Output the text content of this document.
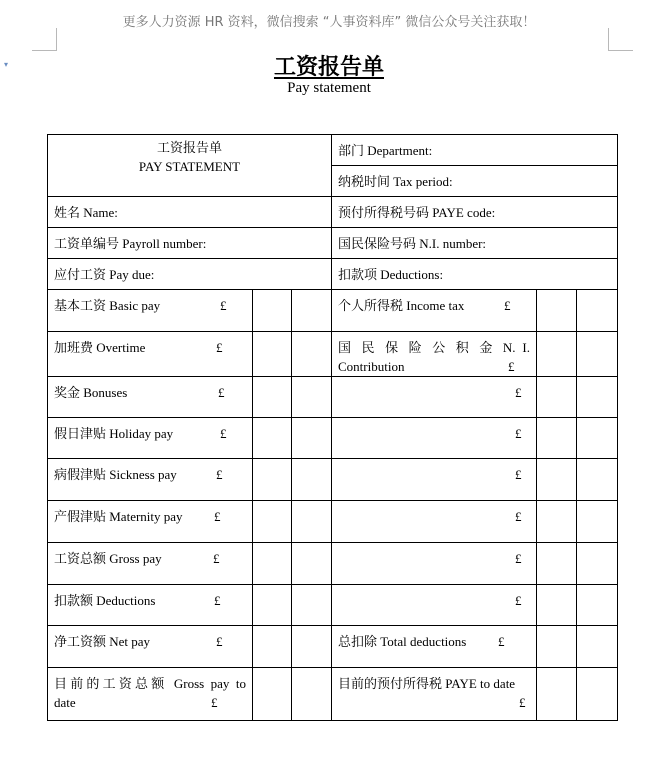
更多人力资源 HR 资料，微信搜索 “人事资料库” 微信公众号关注获取！
▾	工资报告单
Pay statement
工资报告单
PAY STATEMENT			部门 Department:		
			纳税时间 Tax period:		
姓名 Name:			预付所得税号码 PAYE code:		
工资单编号 Payroll number:			国民保险号码 N.I. number:		
应付工资 Pay due:			扣款项 Deductions:		
基本工资 Basic pay £			个人所得税 Income tax £		

加班费 Overtime £			国 民 保 险 公 积 金 N. I.
Contribution £		

奖金 Bonuses £			£		

假日津贴 Holiday pay £			£		

病假津贴 Sickness pay £			£		

产假津贴 Maternity pay £			£		

工资总额 Gross pay £			£		

扣款额 Deductions £			£		

净工资额 Net pay £			总扣除 Total deductions £		

目前的工资总额 Gross pay to
date £			目前的预付所得税 PAYE to date
£		
